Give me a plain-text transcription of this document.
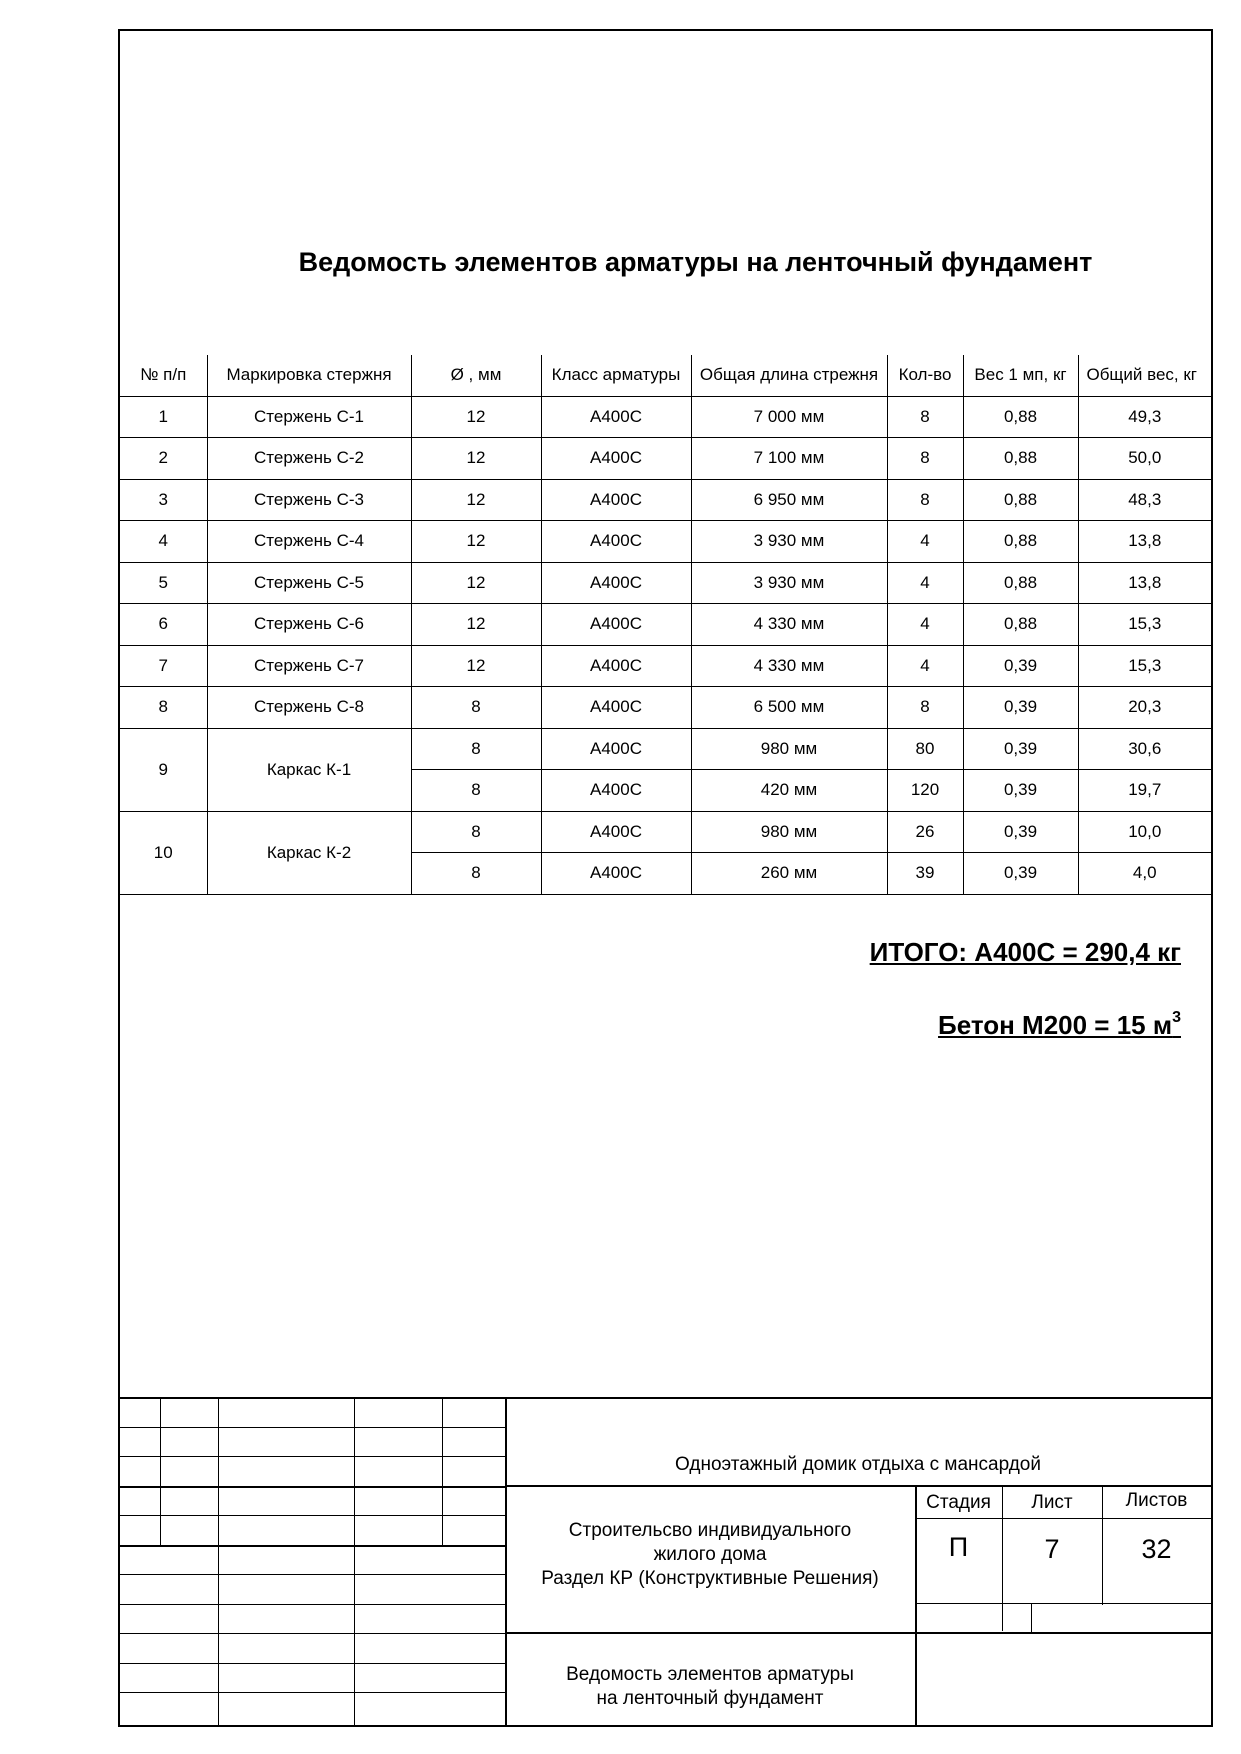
Ведомость элементов арматуры на ленточный фундамент
№ п/п	Маркировка стержня	Ø , мм	Класс арматуры	Общая длина стрежня	Кол-во	Вес 1 мп, кг	Общий вес, кг
1	Стержень С-1	12	А400С	7 000 мм	8	0,88	49,3
2	Стержень С-2	12	А400С	7 100 мм	8	0,88	50,0
3	Стержень С-3	12	А400С	6 950 мм	8	0,88	48,3
4	Стержень С-4	12	А400С	3 930 мм	4	0,88	13,8
5	Стержень С-5	12	А400С	3 930 мм	4	0,88	13,8
6	Стержень С-6	12	А400С	4 330 мм	4	0,88	15,3
7	Стержень С-7	12	А400С	4 330 мм	4	0,39	15,3
8	Стержень С-8	8	А400С	6 500 мм	8	0,39	20,3
9	Каркас К-1	8	А400С	980 мм	80	0,39	30,6
		8	А400С	420 мм	120	0,39	19,7
10	Каркас К-2	8	А400С	980 мм	26	0,39	10,0
		8	А400С	260 мм	39	0,39	4,0
ИТОГО: А400С = 290,4 кг
Бетон М200 = 15 $м^3$
Одноэтажный домик отдыха с мансардой
Строительсво индивидуального
жилого дома
Раздел КР (Конструктивные Решения)
Ведомость элементов арматуры
на ленточный фундамент
Стадия	Лист	Листов
П	7	32
